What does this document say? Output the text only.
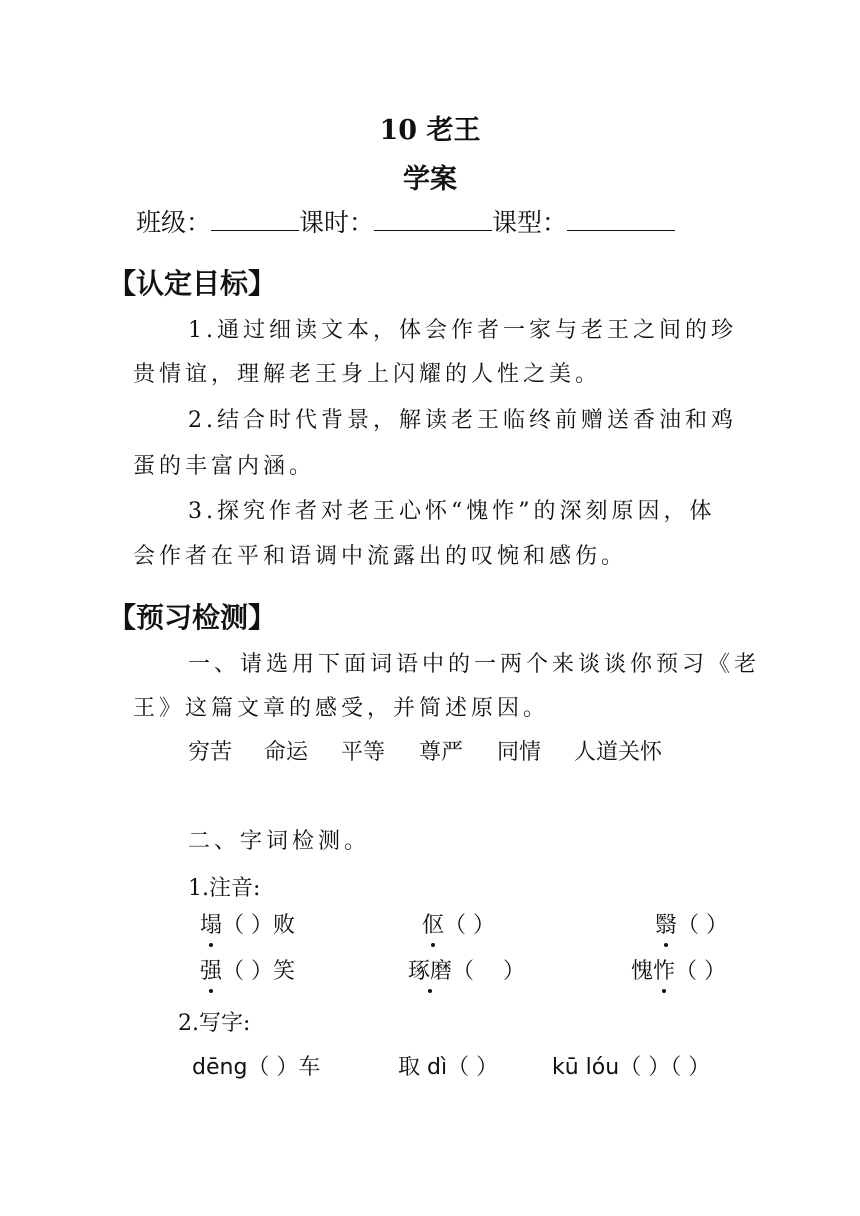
10 老王
学案
班级：	课时：	课型：
【认定目标】
1.通过细读文本，体会作者一家与老王之间的珍
贵情谊，理解老王身上闪耀的人性之美。
2.结合时代背景，解读老王临终前赠送香油和鸡
蛋的丰富内涵。
3.探究作者对老王心怀“愧怍”的深刻原因，体
会作者在平和语调中流露出的叹惋和感伤。
【预习检测】
一、请选用下面词语中的一两个来谈谈你预习《老
王》这篇文章的感受，并简述原因。
穷苦 命运 平等 尊严 同情 人道关怀
二、字词检测。
1.注音:
塌（ ）败	伛（ ）	翳（ ）
强（ ）笑	琢磨（　 ）	愧怍（ ）
2.写字:
dēng（ ）车	取 dì（ ） kū lóu（ ）（ ）
